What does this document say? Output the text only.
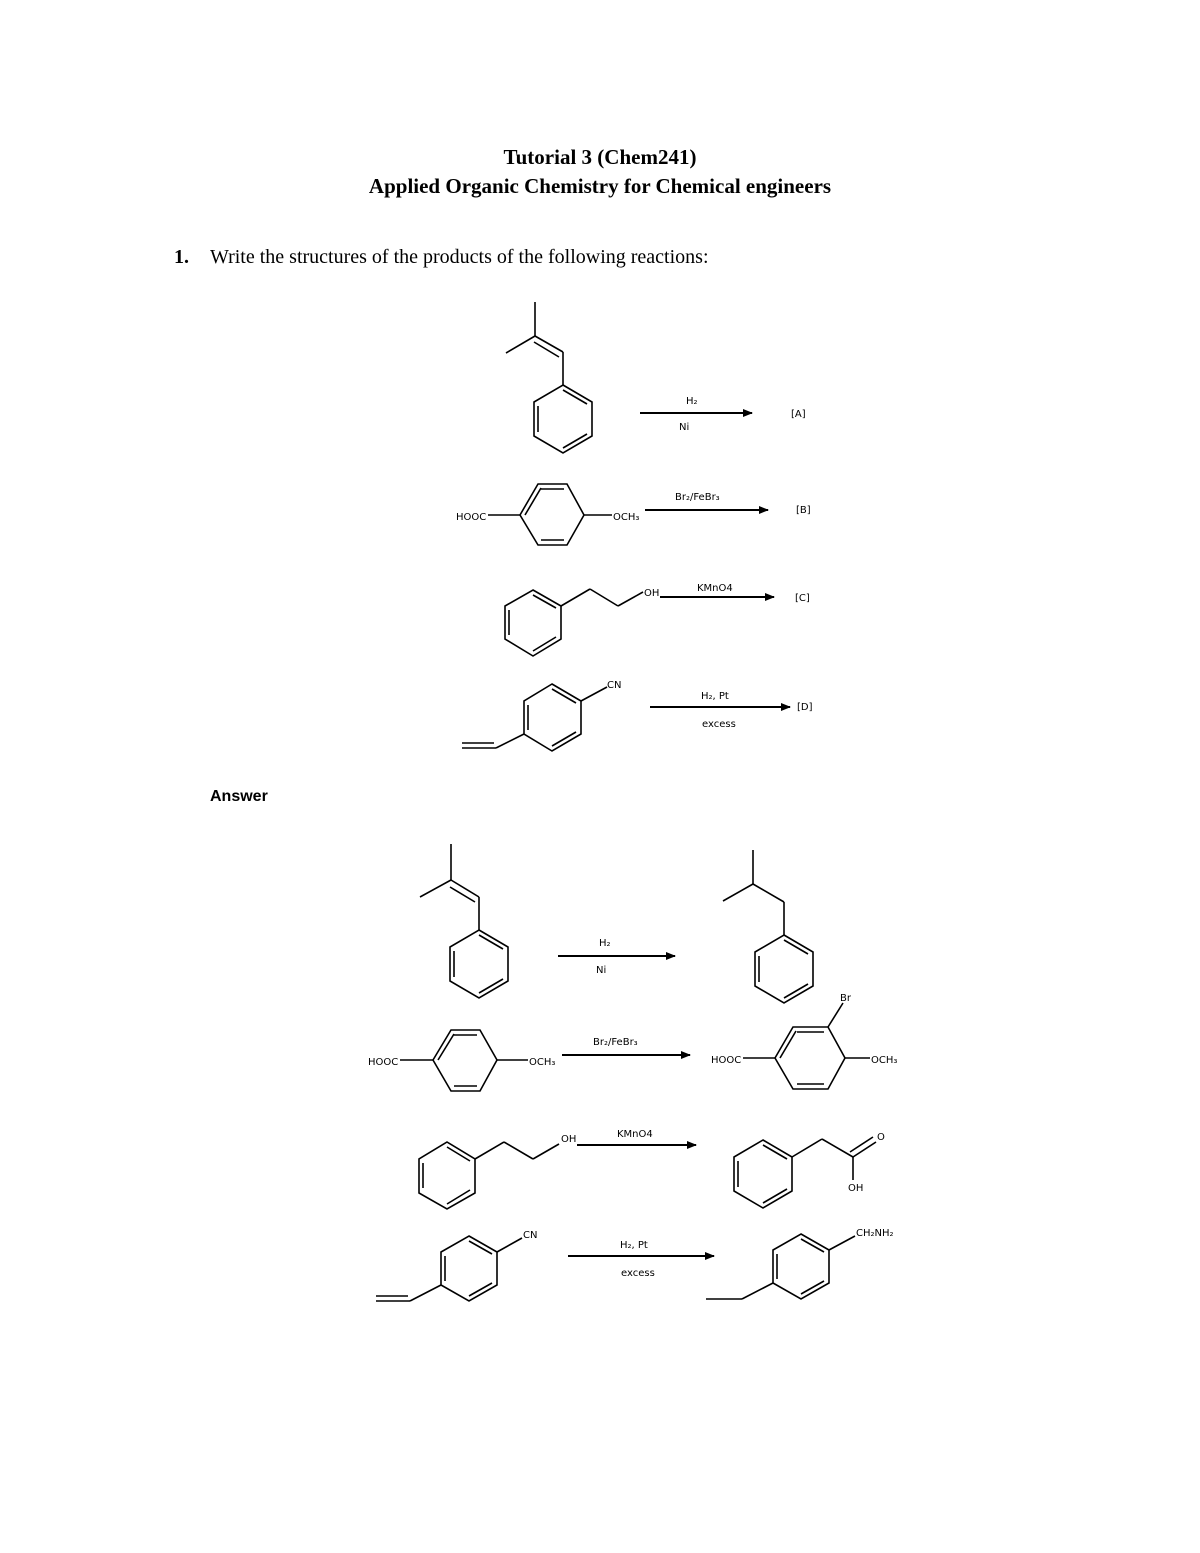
Tutorial 3 (Chem241)
Applied Organic Chemistry for Chemical engineers
1. Write the structures of the products of the following reactions:
Answer
H₂
Ni
[A]
HOOC	OCH₃
Br₂/FeBr₃
[B]
OH	KMnO4
[C]
CN
H₂, Pt
excess
[D]
H₂
Ni
HOOC	OCH₃
Br₂/FeBr₃
HOOC	OCH₃
Br
OH	KMnO4	O
OH
CN
H₂, Pt
excess
CH₂NH₂
